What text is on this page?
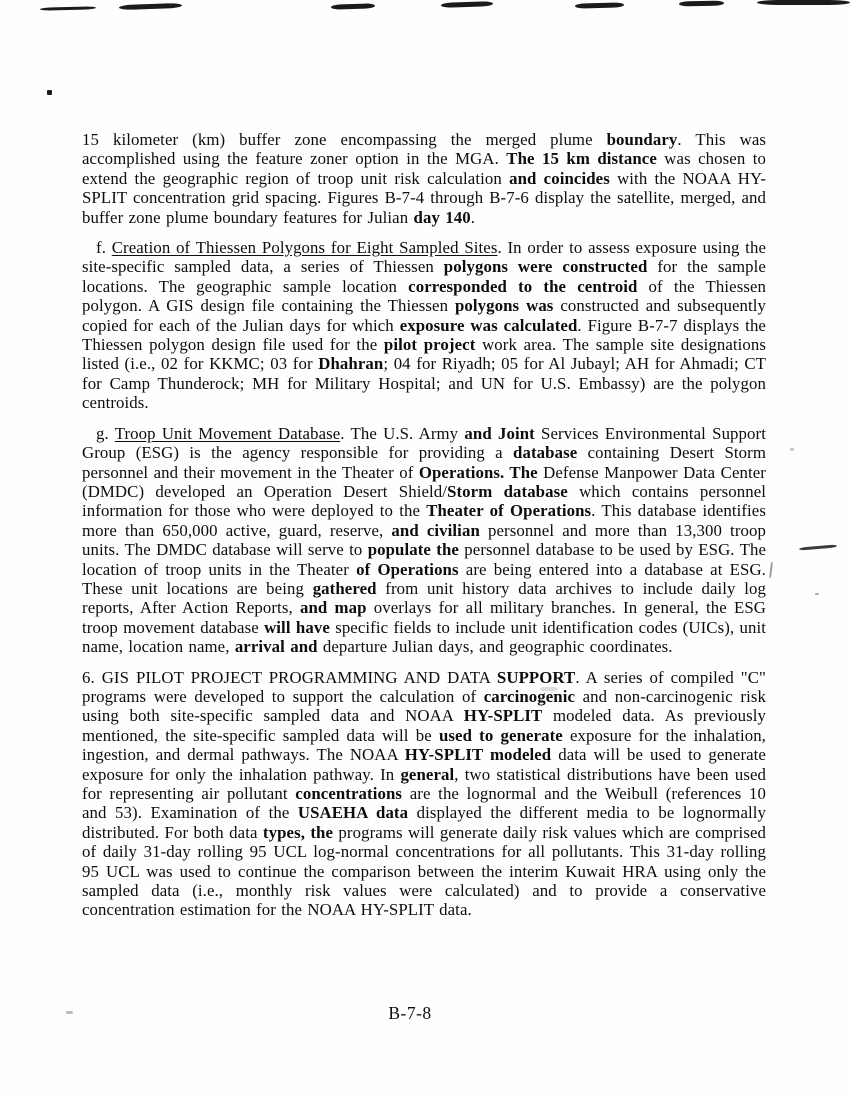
15 kilometer (km) buffer zone encompassing the merged plume boundary. This was accomplished using the feature zoner option in the MGA. The 15 km distance was chosen to extend the geographic region of troop unit risk calculation and coincides with the NOAA HY-SPLIT concentration grid spacing. Figures B-7-4 through B-7-6 display the satellite, merged, and buffer zone plume boundary features for Julian day 140.
f. Creation of Thiessen Polygons for Eight Sampled Sites. In order to assess exposure using the site-specific sampled data, a series of Thiessen polygons were constructed for the sample locations. The geographic sample location corresponded to the centroid of the Thiessen polygon. A GIS design file containing the Thiessen polygons was constructed and subsequently copied for each of the Julian days for which exposure was calculated. Figure B-7-7 displays the Thiessen polygon design file used for the pilot project work area. The sample site designations listed (i.e., 02 for KKMC; 03 for Dhahran; 04 for Riyadh; 05 for Al Jubayl; AH for Ahmadi; CT for Camp Thunderock; MH for Military Hospital; and UN for U.S. Embassy) are the polygon centroids.
g. Troop Unit Movement Database. The U.S. Army and Joint Services Environmental Support Group (ESG) is the agency responsible for providing a database containing Desert Storm personnel and their movement in the Theater of Operations. The Defense Manpower Data Center (DMDC) developed an Operation Desert Shield/Storm database which contains personnel information for those who were deployed to the Theater of Operations. This database identifies more than 650,000 active, guard, reserve, and civilian personnel and more than 13,300 troop units. The DMDC database will serve to populate the personnel database to be used by ESG. The location of troop units in the Theater of Operations are being entered into a database at ESG. These unit locations are being gathered from unit history data archives to include daily log reports, After Action Reports, and map overlays for all military branches. In general, the ESG troop movement database will have specific fields to include unit identification codes (UICs), unit name, location name, arrival and departure Julian days, and geographic coordinates.
6. GIS PILOT PROJECT PROGRAMMING AND DATA SUPPORT. A series of compiled "C" programs were developed to support the calculation of carcinogenic and non-carcinogenic risk using both site-specific sampled data and NOAA HY-SPLIT modeled data. As previously mentioned, the site-specific sampled data will be used to generate exposure for the inhalation, ingestion, and dermal pathways. The NOAA HY-SPLIT modeled data will be used to generate exposure for only the inhalation pathway. In general, two statistical distributions have been used for representing air pollutant concentrations are the lognormal and the Weibull (references 10 and 53). Examination of the USAEHA data displayed the different media to be lognormally distributed. For both data types, the programs will generate daily risk values which are comprised of daily 31-day rolling 95 UCL log-normal concentrations for all pollutants. This 31-day rolling 95 UCL was used to continue the comparison between the interim Kuwait HRA using only the sampled data (i.e., monthly risk values were calculated) and to provide a conservative concentration estimation for the NOAA HY-SPLIT data.
B-7-8
